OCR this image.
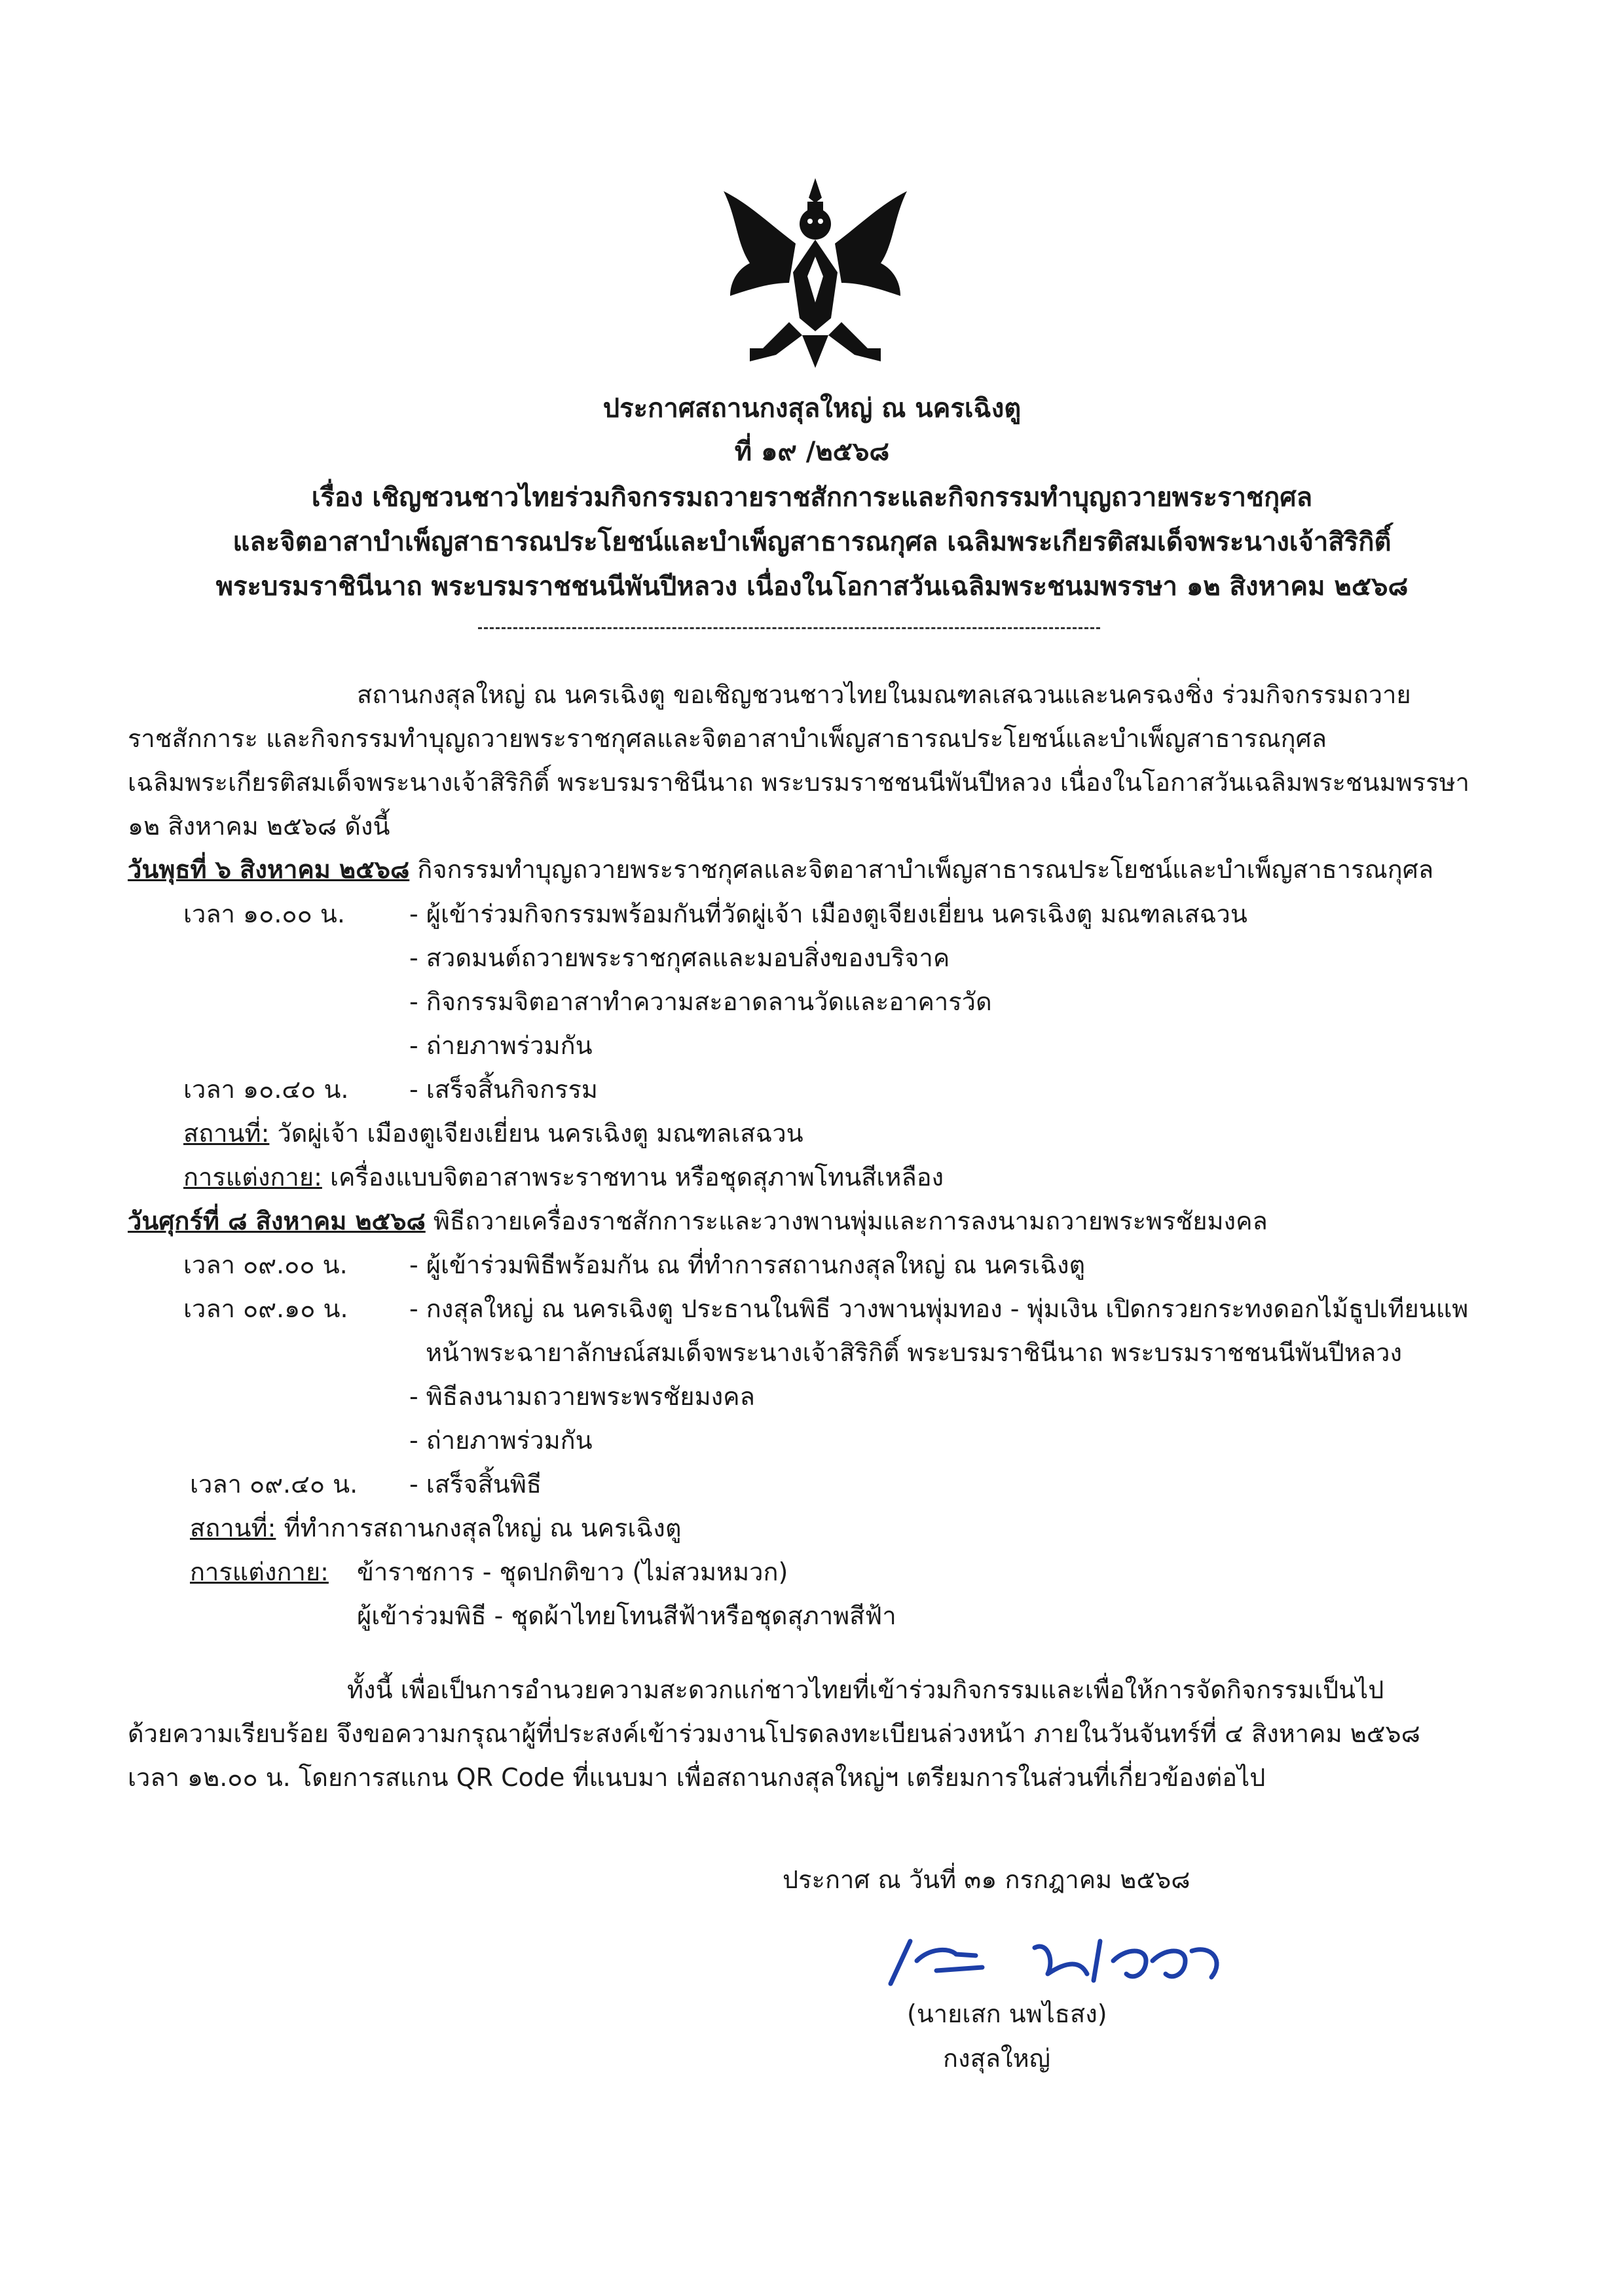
ประกาศสถานกงสุลใหญ่ ณ นครเฉิงตู
ที่ ๑๙ /๒๕๖๘
เรื่อง เชิญชวนชาวไทยร่วมกิจกรรมถวายราชสักการะและกิจกรรมทำบุญถวายพระราชกุศล
และจิตอาสาบำเพ็ญสาธารณประโยชน์และบำเพ็ญสาธารณกุศล เฉลิมพระเกียรติสมเด็จพระนางเจ้าสิริกิติ์
พระบรมราชินีนาถ พระบรมราชชนนีพันปีหลวง เนื่องในโอกาสวันเฉลิมพระชนมพรรษา ๑๒ สิงหาคม ๒๕๖๘
สถานกงสุลใหญ่ ณ นครเฉิงตู ขอเชิญชวนชาวไทยในมณฑลเสฉวนและนครฉงชิ่ง ร่วมกิจกรรมถวาย
ราชสักการะ และกิจกรรมทำบุญถวายพระราชกุศลและจิตอาสาบำเพ็ญสาธารณประโยชน์และบำเพ็ญสาธารณกุศล
เฉลิมพระเกียรติสมเด็จพระนางเจ้าสิริกิติ์ พระบรมราชินีนาถ พระบรมราชชนนีพันปีหลวง เนื่องในโอกาสวันเฉลิมพระชนมพรรษา
๑๒ สิงหาคม ๒๕๖๘ ดังนี้
วันพุธที่ ๖ สิงหาคม ๒๕๖๘ กิจกรรมทำบุญถวายพระราชกุศลและจิตอาสาบำเพ็ญสาธารณประโยชน์และบำเพ็ญสาธารณกุศล
เวลา ๑๐.๐๐ น.	- ผู้เข้าร่วมกิจกรรมพร้อมกันที่วัดผู่เจ้า เมืองตูเจียงเยี่ยน นครเฉิงตู มณฑลเสฉวน
- สวดมนต์ถวายพระราชกุศลและมอบสิ่งของบริจาค
- กิจกรรมจิตอาสาทำความสะอาดลานวัดและอาคารวัด
- ถ่ายภาพร่วมกัน
เวลา ๑๐.๔๐ น. - เสร็จสิ้นกิจกรรม
สถานที่: วัดผู่เจ้า เมืองตูเจียงเยี่ยน นครเฉิงตู มณฑลเสฉวน
การแต่งกาย: เครื่องแบบจิตอาสาพระราชทาน หรือชุดสุภาพโทนสีเหลือง
วันศุกร์ที่ ๘ สิงหาคม ๒๕๖๘ พิธีถวายเครื่องราชสักการะและวางพานพุ่มและการลงนามถวายพระพรชัยมงคล
เวลา ๐๙.๐๐ น. - ผู้เข้าร่วมพิธีพร้อมกัน ณ ที่ทำการสถานกงสุลใหญ่ ณ นครเฉิงตู
เวลา ๐๙.๑๐ น. - กงสุลใหญ่ ณ นครเฉิงตู ประธานในพิธี วางพานพุ่มทอง - พุ่มเงิน เปิดกรวยกระทงดอกไม้ธูปเทียนแพ
หน้าพระฉายาลักษณ์สมเด็จพระนางเจ้าสิริกิติ์ พระบรมราชินีนาถ พระบรมราชชนนีพันปีหลวง
- พิธีลงนามถวายพระพรชัยมงคล
- ถ่ายภาพร่วมกัน
เวลา ๐๙.๔๐ น. - เสร็จสิ้นพิธี
สถานที่: ที่ทำการสถานกงสุลใหญ่ ณ นครเฉิงตู
การแต่งกาย: ข้าราชการ - ชุดปกติขาว (ไม่สวมหมวก)
ผู้เข้าร่วมพิธี - ชุดผ้าไทยโทนสีฟ้าหรือชุดสุภาพสีฟ้า
ทั้งนี้ เพื่อเป็นการอำนวยความสะดวกแก่ชาวไทยที่เข้าร่วมกิจกรรมและเพื่อให้การจัดกิจกรรมเป็นไป
ด้วยความเรียบร้อย จึงขอความกรุณาผู้ที่ประสงค์เข้าร่วมงานโปรดลงทะเบียนล่วงหน้า ภายในวันจันทร์ที่ ๔ สิงหาคม ๒๕๖๘
เวลา ๑๒.๐๐ น. โดยการสแกน QR Code ที่แนบมา เพื่อสถานกงสุลใหญ่ฯ เตรียมการในส่วนที่เกี่ยวข้องต่อไป
ประกาศ ณ วันที่ ๓๑ กรกฎาคม ๒๕๖๘
(นายเสก นพไธสง)
กงสุลใหญ่
